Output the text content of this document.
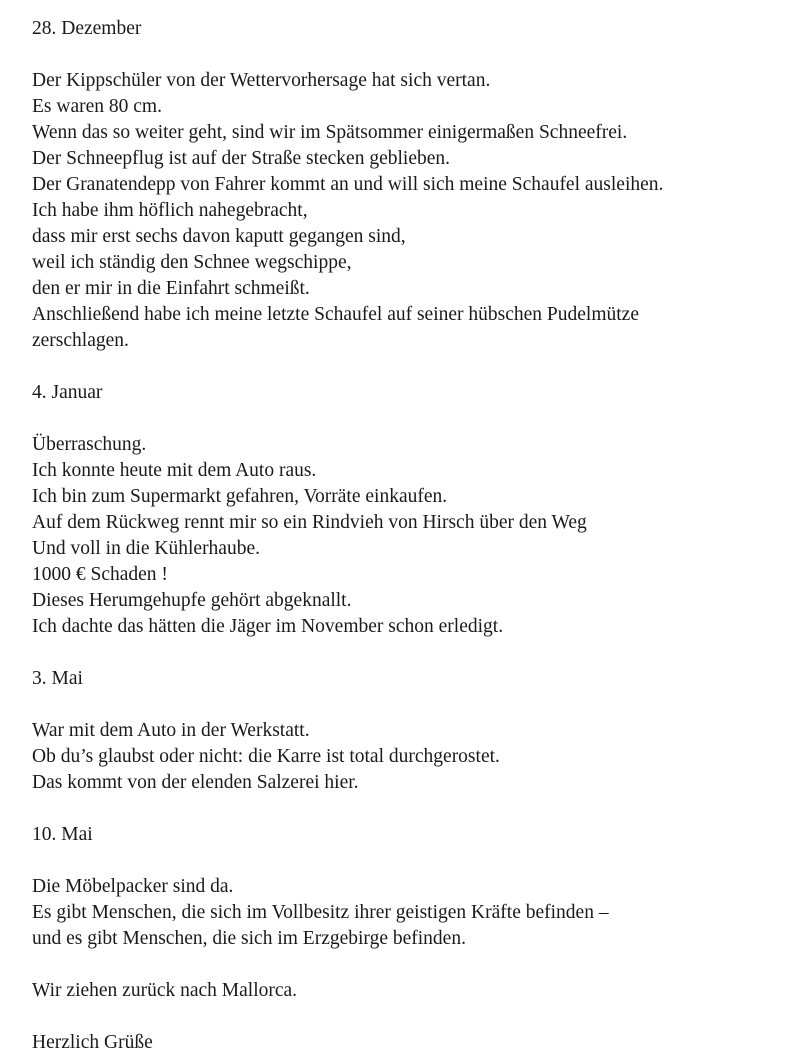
28. Dezember
Der Kippschüler von der Wettervorhersage hat sich vertan.
Es waren 80 cm.
Wenn das so weiter geht, sind wir im Spätsommer einigermaßen Schneefrei.
Der Schneepflug ist auf der Straße stecken geblieben.
Der Granatendepp von Fahrer kommt an und will sich meine Schaufel ausleihen.
Ich habe ihm höflich nahegebracht,
dass mir erst sechs davon kaputt gegangen sind,
weil ich ständig den Schnee wegschippe,
den er mir in die Einfahrt schmeißt.
Anschließend habe ich meine letzte Schaufel auf seiner hübschen Pudelmütze
zerschlagen.
4. Januar
Überraschung.
Ich konnte heute mit dem Auto raus.
Ich bin zum Supermarkt gefahren, Vorräte einkaufen.
Auf dem Rückweg rennt mir so ein Rindvieh von Hirsch über den Weg
Und voll in die Kühlerhaube.
1000 € Schaden !
Dieses Herumgehupfe gehört abgeknallt.
Ich dachte das hätten die Jäger im November schon erledigt.
3. Mai
War mit dem Auto in der Werkstatt.
Ob du’s glaubst oder nicht: die Karre ist total durchgerostet.
Das kommt von der elenden Salzerei hier.
10. Mai
Die Möbelpacker sind da.
Es gibt Menschen, die sich im Vollbesitz ihrer geistigen Kräfte befinden –
und es gibt Menschen, die sich im Erzgebirge befinden.
Wir ziehen zurück nach Mallorca.
Herzlich Grüße
